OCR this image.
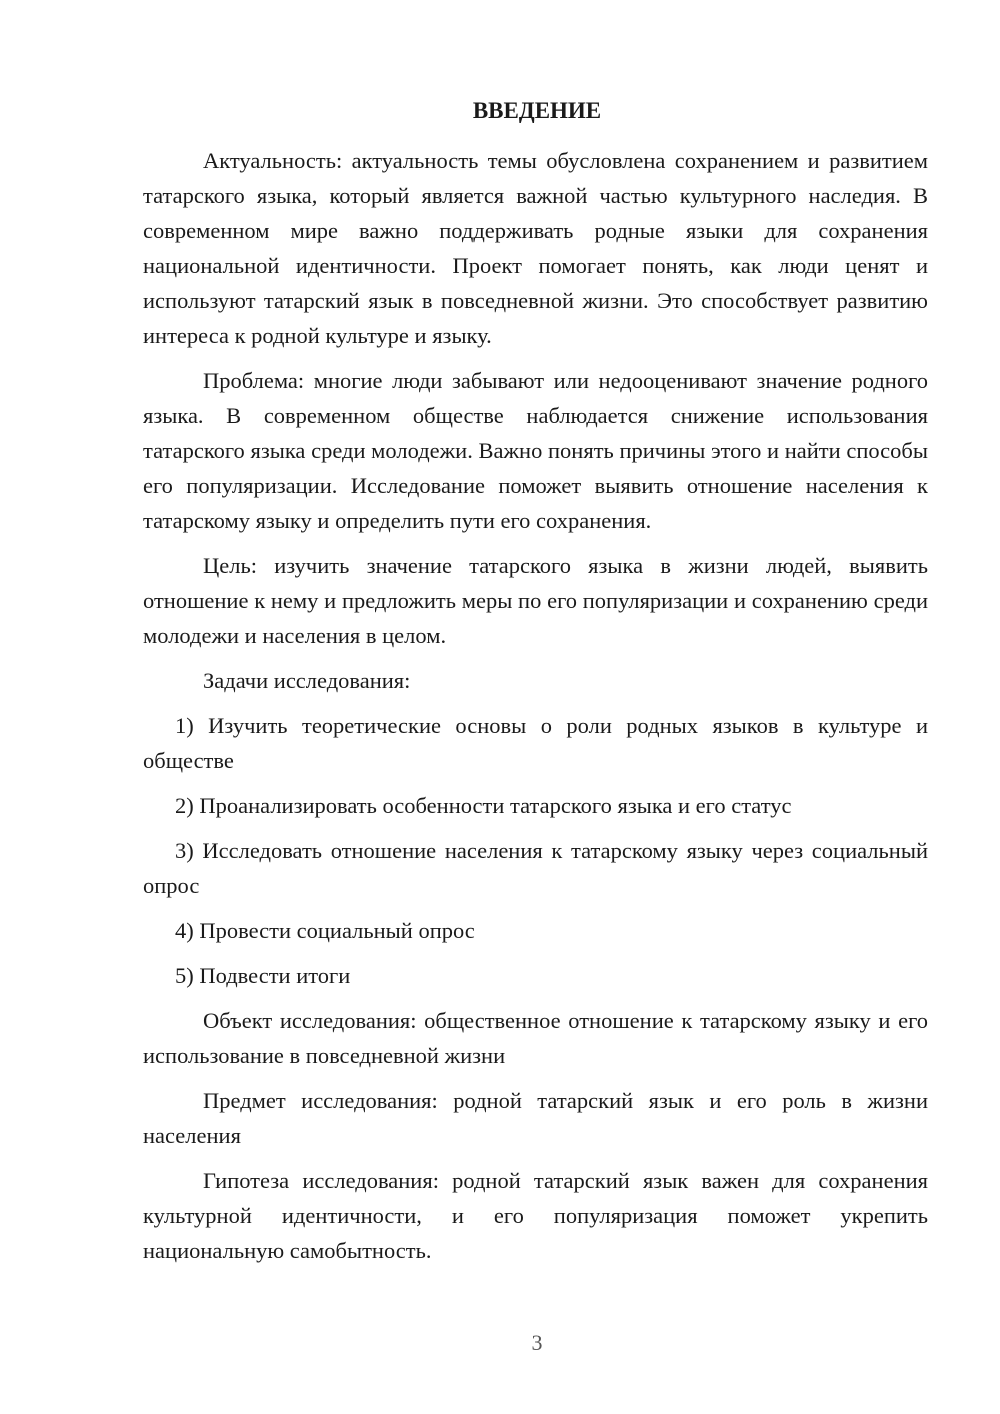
ВВЕДЕНИЕ

Актуальность: актуальность темы обусловлена сохранением и развитием татарского языка, который является важной частью культурного наследия. В современном мире важно поддерживать родные языки для сохранения национальной идентичности. Проект помогает понять, как люди ценят и используют татарский язык в повседневной жизни. Это способствует развитию интереса к родной культуре и языку.

Проблема: многие люди забывают или недооценивают значение родного языка. В современном обществе наблюдается снижение использования татарского языка среди молодежи. Важно понять причины этого и найти способы его популяризации. Исследование поможет выявить отношение населения к татарскому языку и определить пути его сохранения.

Цель: изучить значение татарского языка в жизни людей, выявить отношение к нему и предложить меры по его популяризации и сохранению среди молодежи и населения в целом.

Задачи исследования:

1) Изучить теоретические основы о роли родных языков в культуре и обществе

2) Проанализировать особенности татарского языка и его статус

3) Исследовать отношение населения к татарскому языку через социальный опрос

4) Провести социальный опрос

5) Подвести итоги

Объект исследования: общественное отношение к татарскому языку и его использование в повседневной жизни

Предмет исследования: родной татарский язык и его роль в жизни населения

Гипотеза исследования: родной татарский язык важен для сохранения культурной идентичности, и его популяризация поможет укрепить национальную самобытность.

3
